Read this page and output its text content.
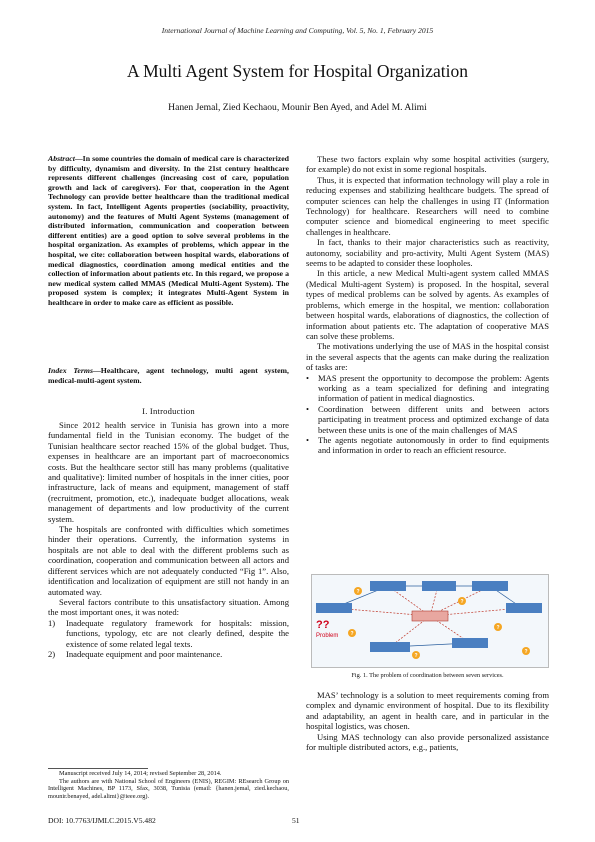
International Journal of Machine Learning and Computing, Vol. 5, No. 1, February 2015
A Multi Agent System for Hospital Organization
Hanen Jemal, Zied Kechaou, Mounir Ben Ayed, and Adel M. Alimi
Abstract—In some countries the domain of medical care is characterized by difficulty, dynamism and diversity. In the 21st century healthcare represents different challenges (increasing cost of care, population growth and lack of caregivers). For that, cooperation in the Agent Technology can provide better healthcare than the traditional medical system. In fact, Intelligent Agents properties (sociability, proactivity, autonomy) and the features of Multi Agent Systems (management of distributed information, communication and cooperation between different entities) are a good option to solve several problems in the hospital organization. As examples of problems, which appear in the hospital, we cite: collaboration between hospital wards, elaborations of medical diagnostics, coordination among medical entities and the collection of information about patients etc. In this regard, we propose a new medical system called MMAS (Medical Multi-Agent System). The proposed system is complex; it integrates Multi-Agent System in healthcare in order to make care as efficient as possible.
Index Terms—Healthcare, agent technology, multi agent system, medical-multi-agent system.
I. Introduction

Since 2012 health service in Tunisia has grown into a more fundamental field in the Tunisian economy. The budget of the Tunisian healthcare sector reached 15% of the global budget. Thus, expenses in healthcare are an important part of macroeconomics costs. But the healthcare sector still has many problems (qualitative and qualitative): limited number of hospitals in the inner cities, poor infrastructure, lack of means and equipment, management of staff (recruitment, promotion, etc.), inadequate budget allocations, weak management of departments and low productivity of the current system.

The hospitals are confronted with difficulties which sometimes hinder their operations. Currently, the information systems in hospitals are not able to deal with the different problems such as coordination, cooperation and communication between all actors and different services which are not adequately conducted “Fig 1”. Also, identification and localization of equipment are still not handy in an automated way.

Several factors contribute to this unsatisfactory situation. Among the most important ones, it was noted:

1) Inadequate regulatory framework for hospitals: mission, functions, typology, etc are not clearly defined, despite the existence of some related legal texts.
2) Inadequate equipment and poor maintenance.

Manuscript received July 14, 2014; revised September 28, 2014.

The authors are with National School of Engineers (ENIS), REGIM: REsearch Group on Intelligent Machines, BP 1173, Sfax, 3038, Tunisia (email: {hanen.jemal, zied.kechaou, mounir.benayed, adel.alimi}@ieee.org).

These two factors explain why some hospital activities (surgery, for example) do not exist in some regional hospitals.

Thus, it is expected that information technology will play a role in reducing expenses and stabilizing healthcare budgets. The spread of computer sciences can help the challenges in using IT (Information Technology) for healthcare. Researchers will need to combine computer science and biomedical engineering to meet specific challenges in healthcare.

In fact, thanks to their major characteristics such as reactivity, autonomy, sociability and pro-activity, Multi Agent System (MAS) seems to be adapted to consider these loopholes.

In this article, a new Medical Multi-agent system called MMAS (Medical Multi-agent System) is proposed. In the hospital, several types of medical problems can be solved by agents. As examples of problems, which emerge in the hospital, we mention: collaboration between hospital wards, elaborations of diagnostics, the collection of information about patients etc. The adaptation of cooperative MAS can solve these problems.

The motivations underlying the use of MAS in the hospital consist in the several aspects that the agents can make during the realization of tasks are:

• MAS present the opportunity to decompose the problem: Agents working as a team specialized for defining and integrating information of patient in medical diagnostics.
• Coordination between different units and between actors participating in treatment process and optimized exchange of data between these units is one of the main challenges of MAS
• The agents negotiate autonomously in order to find equipments and information in order to reach an efficient resource.
?
?
?
?
?
?
??
Problem
Fig. 1. The problem of coordination between seven services.

MAS’ technology is a solution to meet requirements coming from complex and dynamic environment of hospital. Due to its flexibility and adaptability, an agent in health care, and in particular in the hospital logistics, was chosen.

Using MAS technology can also provide personalized assistance for multiple distributed actors, e.g., patients,

DOI: 10.7763/IJMLC.2015.V5.482	51
